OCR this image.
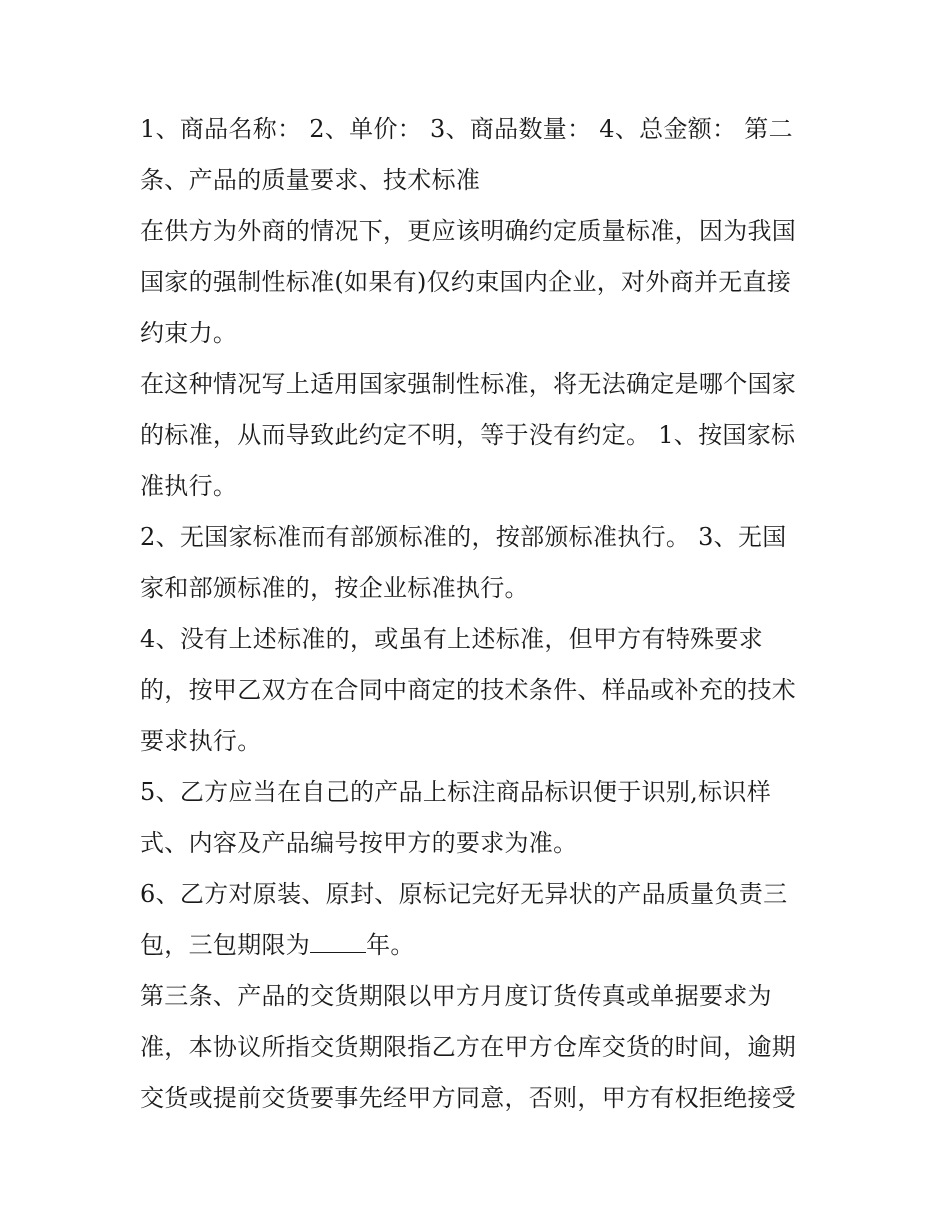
1、商品名称： 2、单价： 3、商品数量： 4、总金额： 第二
条、产品的质量要求、技术标准
在供方为外商的情况下，更应该明确约定质量标准，因为我国
国家的强制性标准(如果有)仅约束国内企业，对外商并无直接
约束力。
在这种情况写上适用国家强制性标准，将无法确定是哪个国家
的标准，从而导致此约定不明，等于没有约定。 1、按国家标
准执行。
2、无国家标准而有部颁标准的，按部颁标准执行。 3、无国
家和部颁标准的，按企业标准执行。
4、没有上述标准的，或虽有上述标准，但甲方有特殊要求
的，按甲乙双方在合同中商定的技术条件、样品或补充的技术
要求执行。
5、乙方应当在自己的产品上标注商品标识便于识别,标识样
式、内容及产品编号按甲方的要求为准。
6、乙方对原装、原封、原标记完好无异状的产品质量负责三
包，三包期限为 年。
第三条、产品的交货期限以甲方月度订货传真或单据要求为
准，本协议所指交货期限指乙方在甲方仓库交货的时间，逾期
交货或提前交货要事先经甲方同意，否则，甲方有权拒绝接受
